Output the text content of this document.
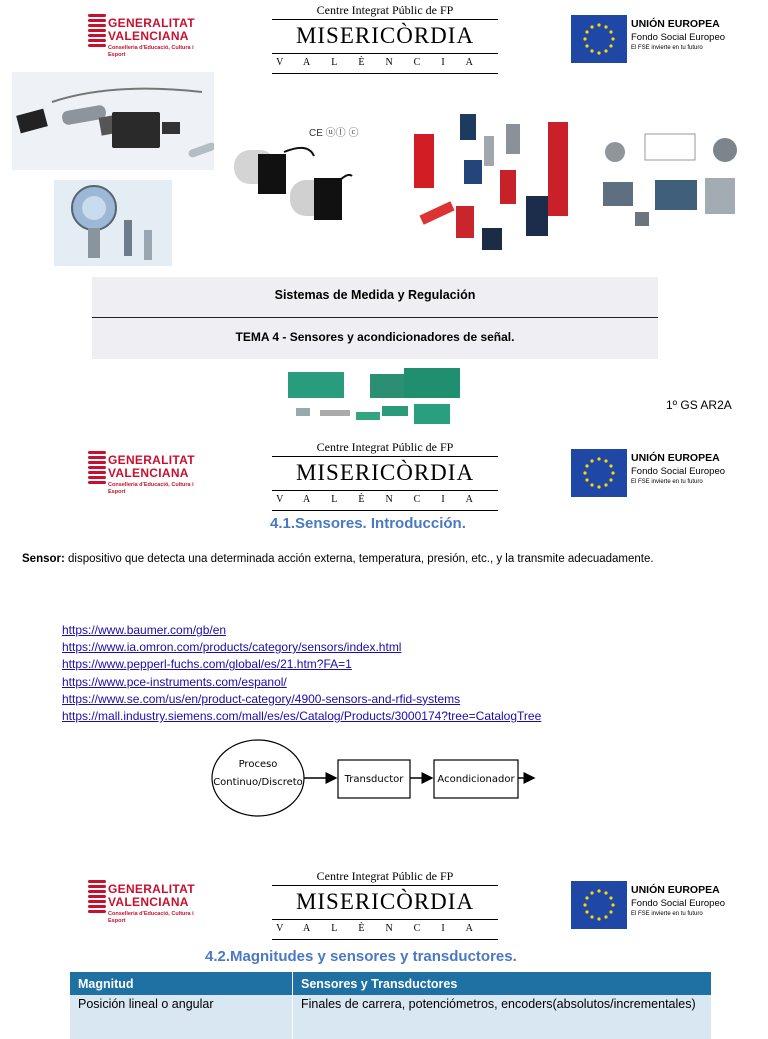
GENERALITAT
VALENCIANA
Conselleria d'Educació, Cultura i Esport
Centre Integrat Públic de FP
MISERICÒRDIA
VALÈNCIA
UNIÓN EUROPEA
Fondo Social Europeo
El FSE invierte en tu futuro
CE ⓤⓛ ⓒ
Sistemas de Medida y Regulación
TEMA 4 - Sensores y acondicionadores de señal.
1º GS AR2A
GENERALITAT
VALENCIANA
Conselleria d'Educació, Cultura i Esport
Centre Integrat Públic de FP
MISERICÒRDIA
VALÈNCIA
UNIÓN EUROPEA
Fondo Social Europeo
El FSE invierte en tu futuro
4.1.Sensores. Introducción.
Sensor: dispositivo que detecta una determinada acción externa, temperatura, presión, etc., y la transmite adecuadamente.
https://www.baumer.com/gb/en
https://www.ia.omron.com/products/category/sensors/index.html
https://www.pepperl-fuchs.com/global/es/21.htm?FA=1
https://www.pce-instruments.com/espanol/
https://www.se.com/us/en/product-category/4900-sensors-and-rfid-systems
https://mall.industry.siemens.com/mall/es/es/Catalog/Products/3000174?tree=CatalogTree
Proceso
Continuo/Discreto	Transductor	Acondicionador
GENERALITAT
VALENCIANA
Conselleria d'Educació, Cultura i Esport
Centre Integrat Públic de FP
MISERICÒRDIA
VALÈNCIA
UNIÓN EUROPEA
Fondo Social Europeo
El FSE invierte en tu futuro
4.2.Magnitudes y sensores y transductores.
Magnitud	Sensores y Transductores
Posición lineal o angular	Finales de carrera, potenciómetros, encoders(absolutos/incrementales)
